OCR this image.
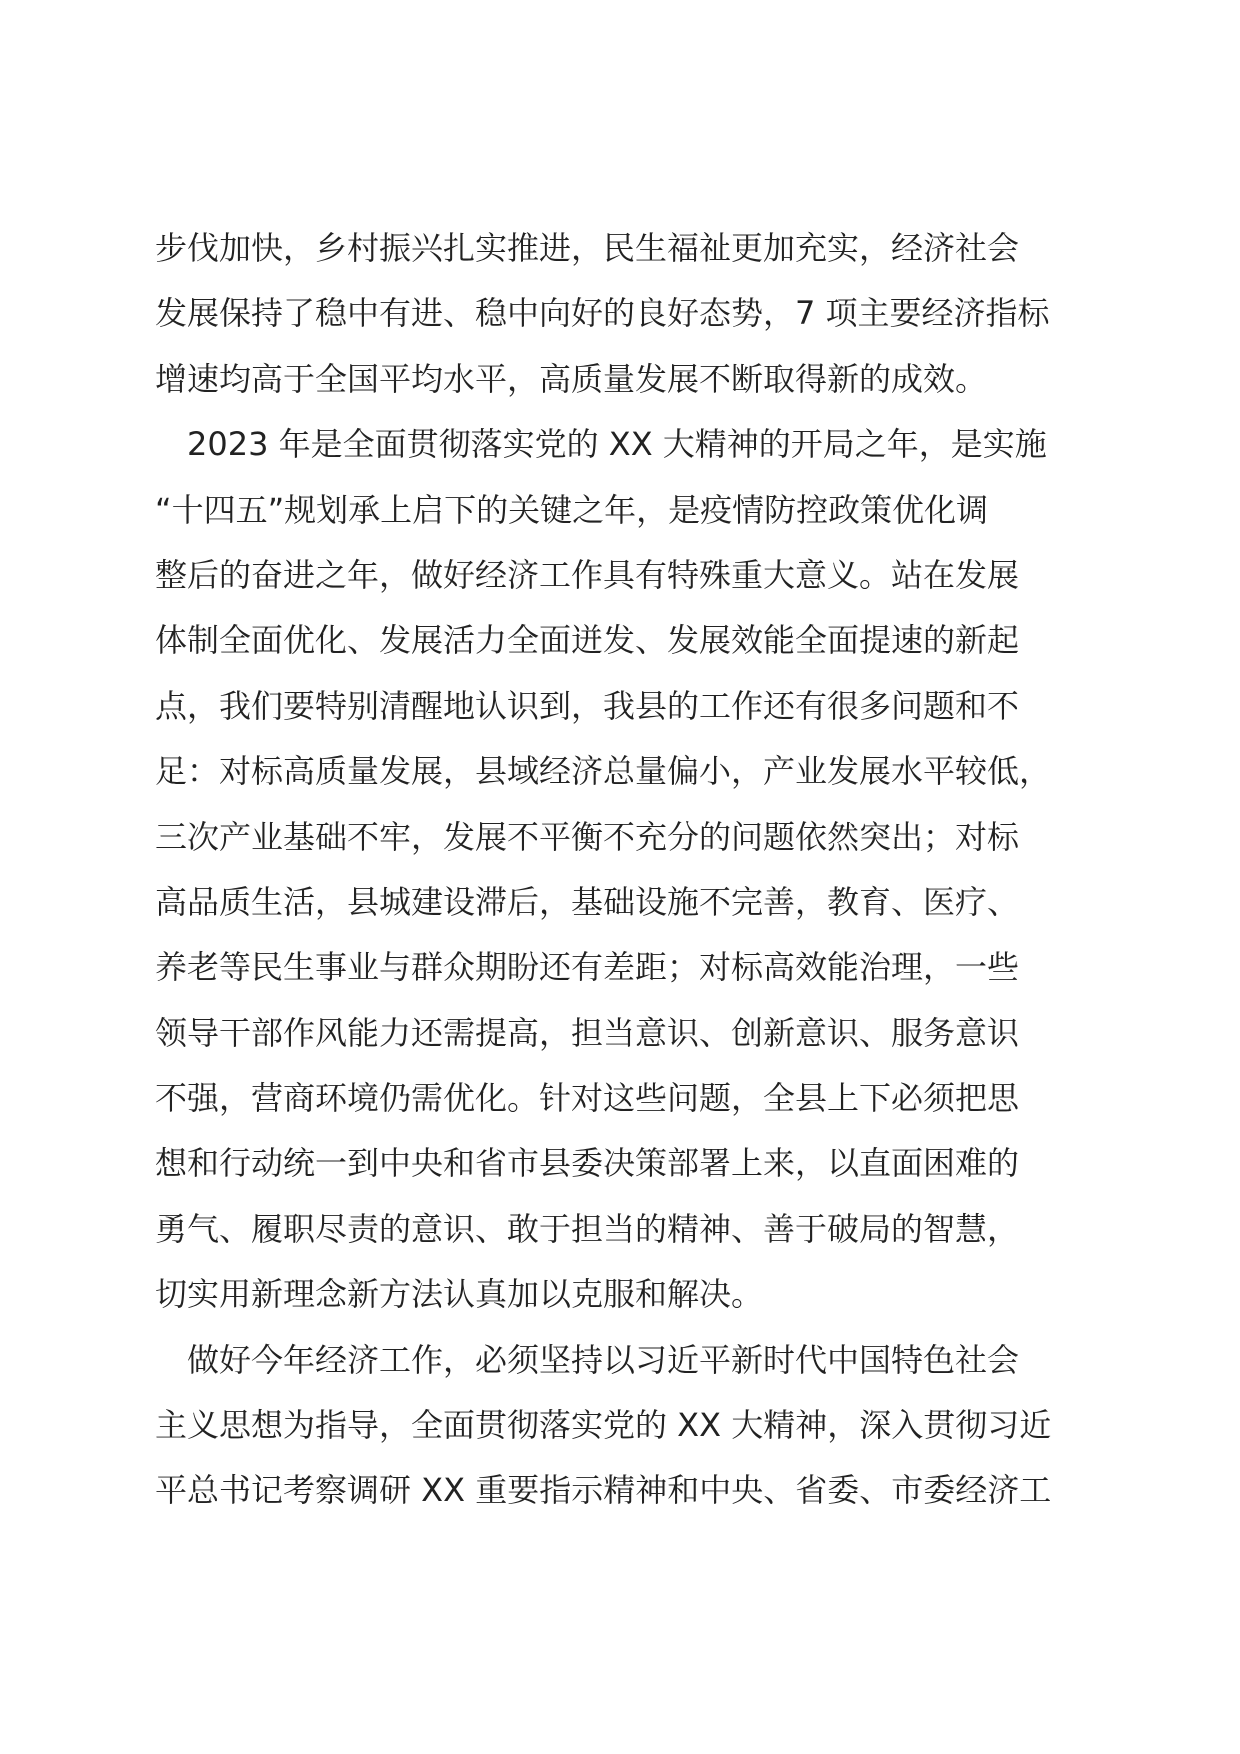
步伐加快，乡村振兴扎实推进，民生福祉更加充实，经济社会
发展保持了稳中有进、稳中向好的良好态势，7 项主要经济指标
增速均高于全国平均水平，高质量发展不断取得新的成效。
2023 年是全面贯彻落实党的 XX 大精神的开局之年，是实施
“十四五”规划承上启下的关键之年，是疫情防控政策优化调
整后的奋进之年，做好经济工作具有特殊重大意义。站在发展
体制全面优化、发展活力全面迸发、发展效能全面提速的新起
点，我们要特别清醒地认识到，我县的工作还有很多问题和不
足：对标高质量发展，县域经济总量偏小，产业发展水平较低，
三次产业基础不牢，发展不平衡不充分的问题依然突出；对标
高品质生活，县城建设滞后，基础设施不完善，教育、医疗、
养老等民生事业与群众期盼还有差距；对标高效能治理，一些
领导干部作风能力还需提高，担当意识、创新意识、服务意识
不强，营商环境仍需优化。针对这些问题，全县上下必须把思
想和行动统一到中央和省市县委决策部署上来，以直面困难的
勇气、履职尽责的意识、敢于担当的精神、善于破局的智慧，
切实用新理念新方法认真加以克服和解决。
做好今年经济工作，必须坚持以习近平新时代中国特色社会
主义思想为指导，全面贯彻落实党的 XX 大精神，深入贯彻习近
平总书记考察调研 XX 重要指示精神和中央、省委、市委经济工
